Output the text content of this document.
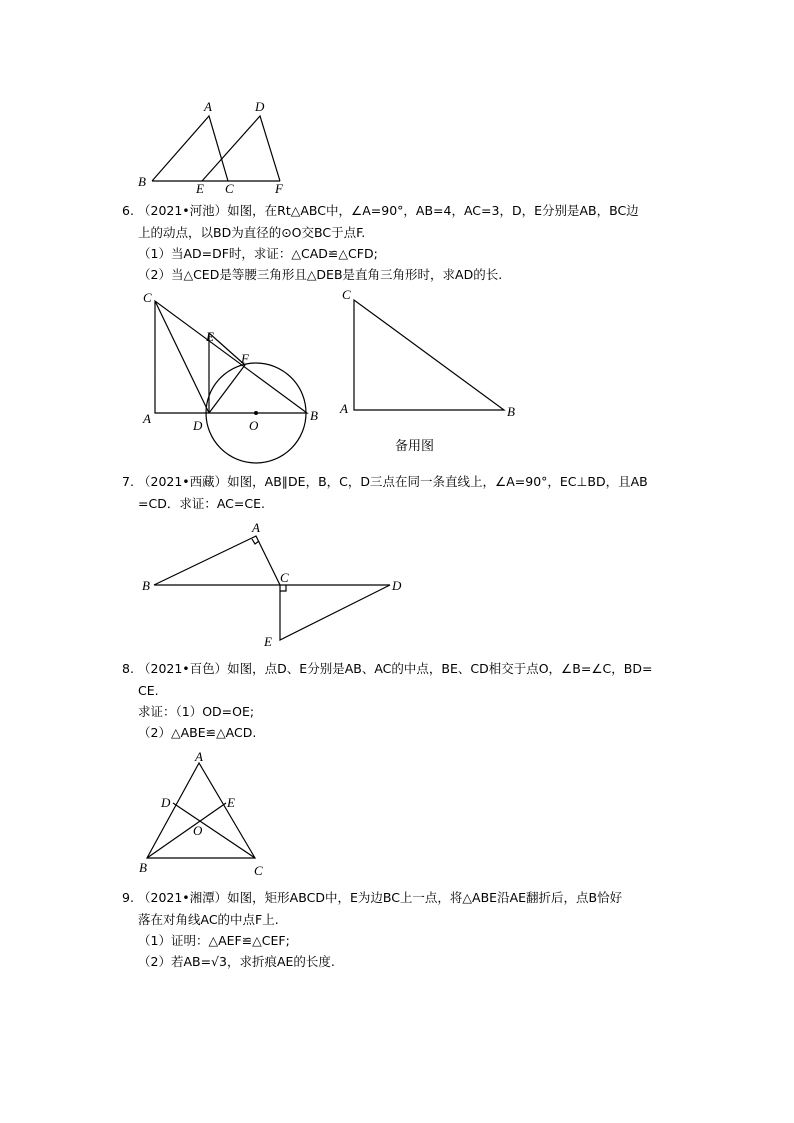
A	D
B	E C	F
6. （2021•河池）如图，在Rt△ABC中，∠A=90°，AB=4，AC=3，D，E分别是AB，BC边
上的动点，以BD为直径的⊙O交BC于点F.
（1）当AD=DF时，求证：△CAD≌△CFD;
（2）当△CED是等腰三角形且△DEB是直角三角形时，求AD的长.
C
E
F
A	D	O
B
C
A	B
备用图
7. （2021•西藏）如图，AB∥DE，B，C，D三点在同一条直线上，∠A=90°，EC⊥BD，且AB
=CD．求证：AC=CE.
A
B
C
D
E
8. （2021•百色）如图，点D、E分别是AB、AC的中点，BE、CD相交于点O，∠B=∠C，BD=
CE.
求证：（1）OD=OE;
（2）△ABE≌△ACD.
A
D	E
O
B	C
9. （2021•湘潭）如图，矩形ABCD中，E为边BC上一点，将△ABE沿AE翻折后，点B恰好
落在对角线AC的中点F上.
（1）证明：△AEF≌△CEF;
（2）若AB=√3，求折痕AE的长度.
